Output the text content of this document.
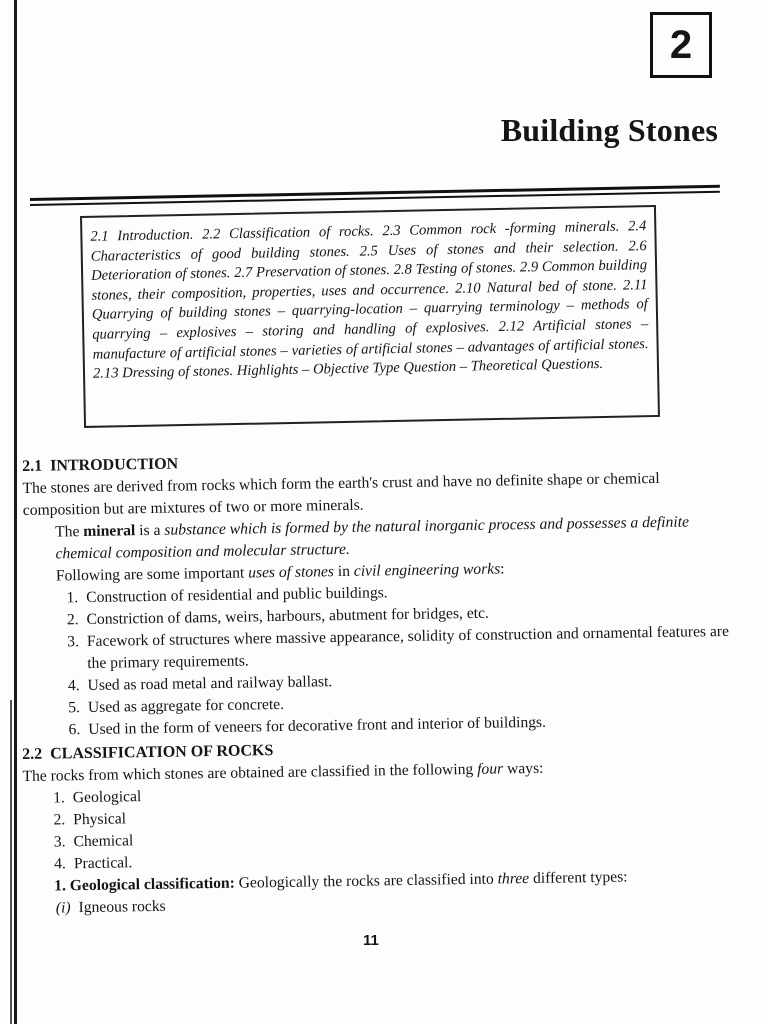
2
Building Stones
2.1 Introduction. 2.2 Classification of rocks. 2.3 Common rock -forming minerals. 2.4 Characteristics of good building stones. 2.5 Uses of stones and their selection. 2.6 Deterioration of stones. 2.7 Preservation of stones. 2.8 Testing of stones. 2.9 Common building stones, their composition, properties, uses and occurrence. 2.10 Natural bed of stone. 2.11 Quarrying of building stones – quarrying-location – quarrying terminology – methods of quarrying – explosives – storing and handling of explosives. 2.12 Artificial stones – manufacture of artificial stones – varieties of artificial stones – advantages of artificial stones. 2.13 Dressing of stones. Highlights – Objective Type Question – Theoretical Questions.
2.1 INTRODUCTION

The stones are derived from rocks which form the earth's crust and have no definite shape or chemical composition but are mixtures of two or more minerals.

The mineral is a substance which is formed by the natural inorganic process and possesses a definite chemical composition and molecular structure.

Following are some important uses of stones in civil engineering works:

1. Construction of residential and public buildings.
2. Constriction of dams, weirs, harbours, abutment for bridges, etc.
3. Facework of structures where massive appearance, solidity of construction and ornamental features are the primary requirements.
4. Used as road metal and railway ballast.
5. Used as aggregate for concrete.
6. Used in the form of veneers for decorative front and interior of buildings.
2.2 CLASSIFICATION OF ROCKS

The rocks from which stones are obtained are classified in the following four ways:

1. Geological
2. Physical
3. Chemical
4. Practical.

1. Geological classification: Geologically the rocks are classified into three different types:

(i) Igneous rocks
11
